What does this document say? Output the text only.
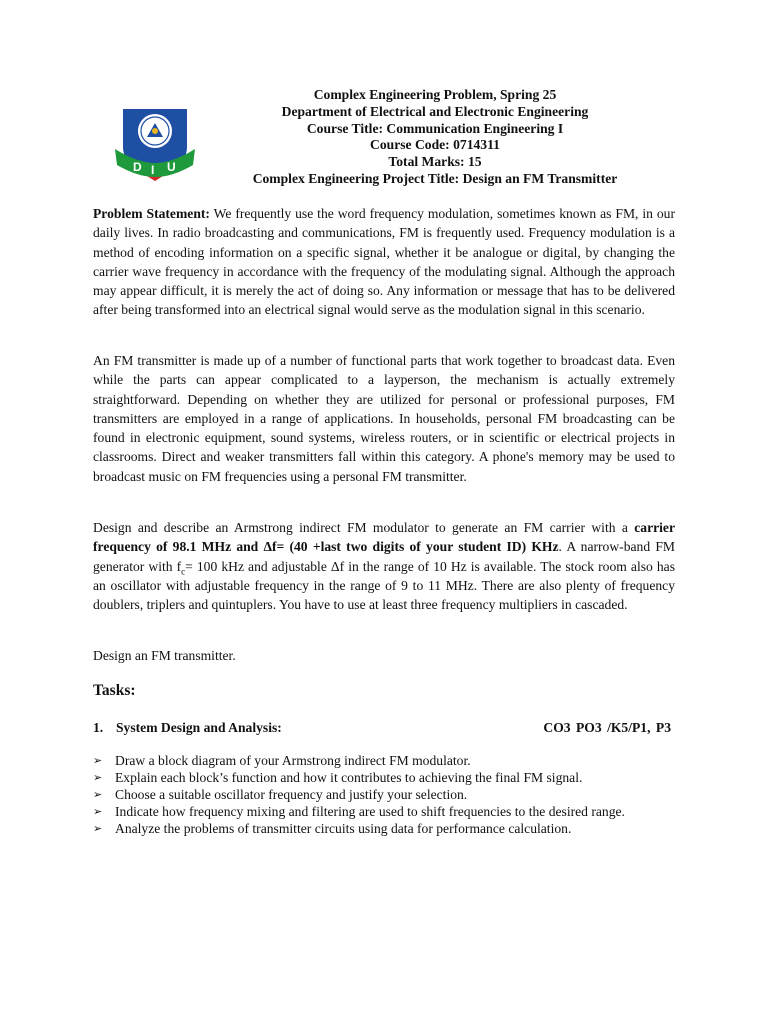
D I U
Complex Engineering Problem, Spring 25
Department of Electrical and Electronic Engineering
Course Title: Communication Engineering I
Course Code: 0714311
Total Marks: 15
Complex Engineering Project Title: Design an FM Transmitter

Problem Statement: We frequently use the word frequency modulation, sometimes known as FM, in our daily lives. In radio broadcasting and communications, FM is frequently used. Frequency modulation is a method of encoding information on a specific signal, whether it be analogue or digital, by changing the carrier wave frequency in accordance with the frequency of the modulating signal. Although the approach may appear difficult, it is merely the act of doing so. Any information or message that has to be delivered after being transformed into an electrical signal would serve as the modulation signal in this scenario.

An FM transmitter is made up of a number of functional parts that work together to broadcast data. Even while the parts can appear complicated to a layperson, the mechanism is actually extremely straightforward. Depending on whether they are utilized for personal or professional purposes, FM transmitters are employed in a range of applications. In households, personal FM broadcasting can be found in electronic equipment, sound systems, wireless routers, or in scientific or electrical projects in classrooms. Direct and weaker transmitters fall within this category. A phone's memory may be used to broadcast music on FM frequencies using a personal FM transmitter.

Design and describe an Armstrong indirect FM modulator to generate an FM carrier with a carrier frequency of 98.1 MHz and Δf= (40 +last two digits of your student ID) KHz. A narrow-band FM generator with $f_c= 100$ kHz and adjustable Δf in the range of 10 Hz is available. The stock room also has an oscillator with adjustable frequency in the range of 9 to 11 MHz. There are also plenty of frequency doublers, triplers and quintuplers. You have to use at least three frequency multipliers in cascaded.

Design an FM transmitter.

Tasks:
1. System Design and Analysis:	CO3 PO3 /K5/P1, P3
➢ Draw a block diagram of your Armstrong indirect FM modulator.
➢ Explain each block’s function and how it contributes to achieving the final FM signal.
➢ Choose a suitable oscillator frequency and justify your selection.
➢ Indicate how frequency mixing and filtering are used to shift frequencies to the desired range.
➢ Analyze the problems of transmitter circuits using data for performance calculation.
